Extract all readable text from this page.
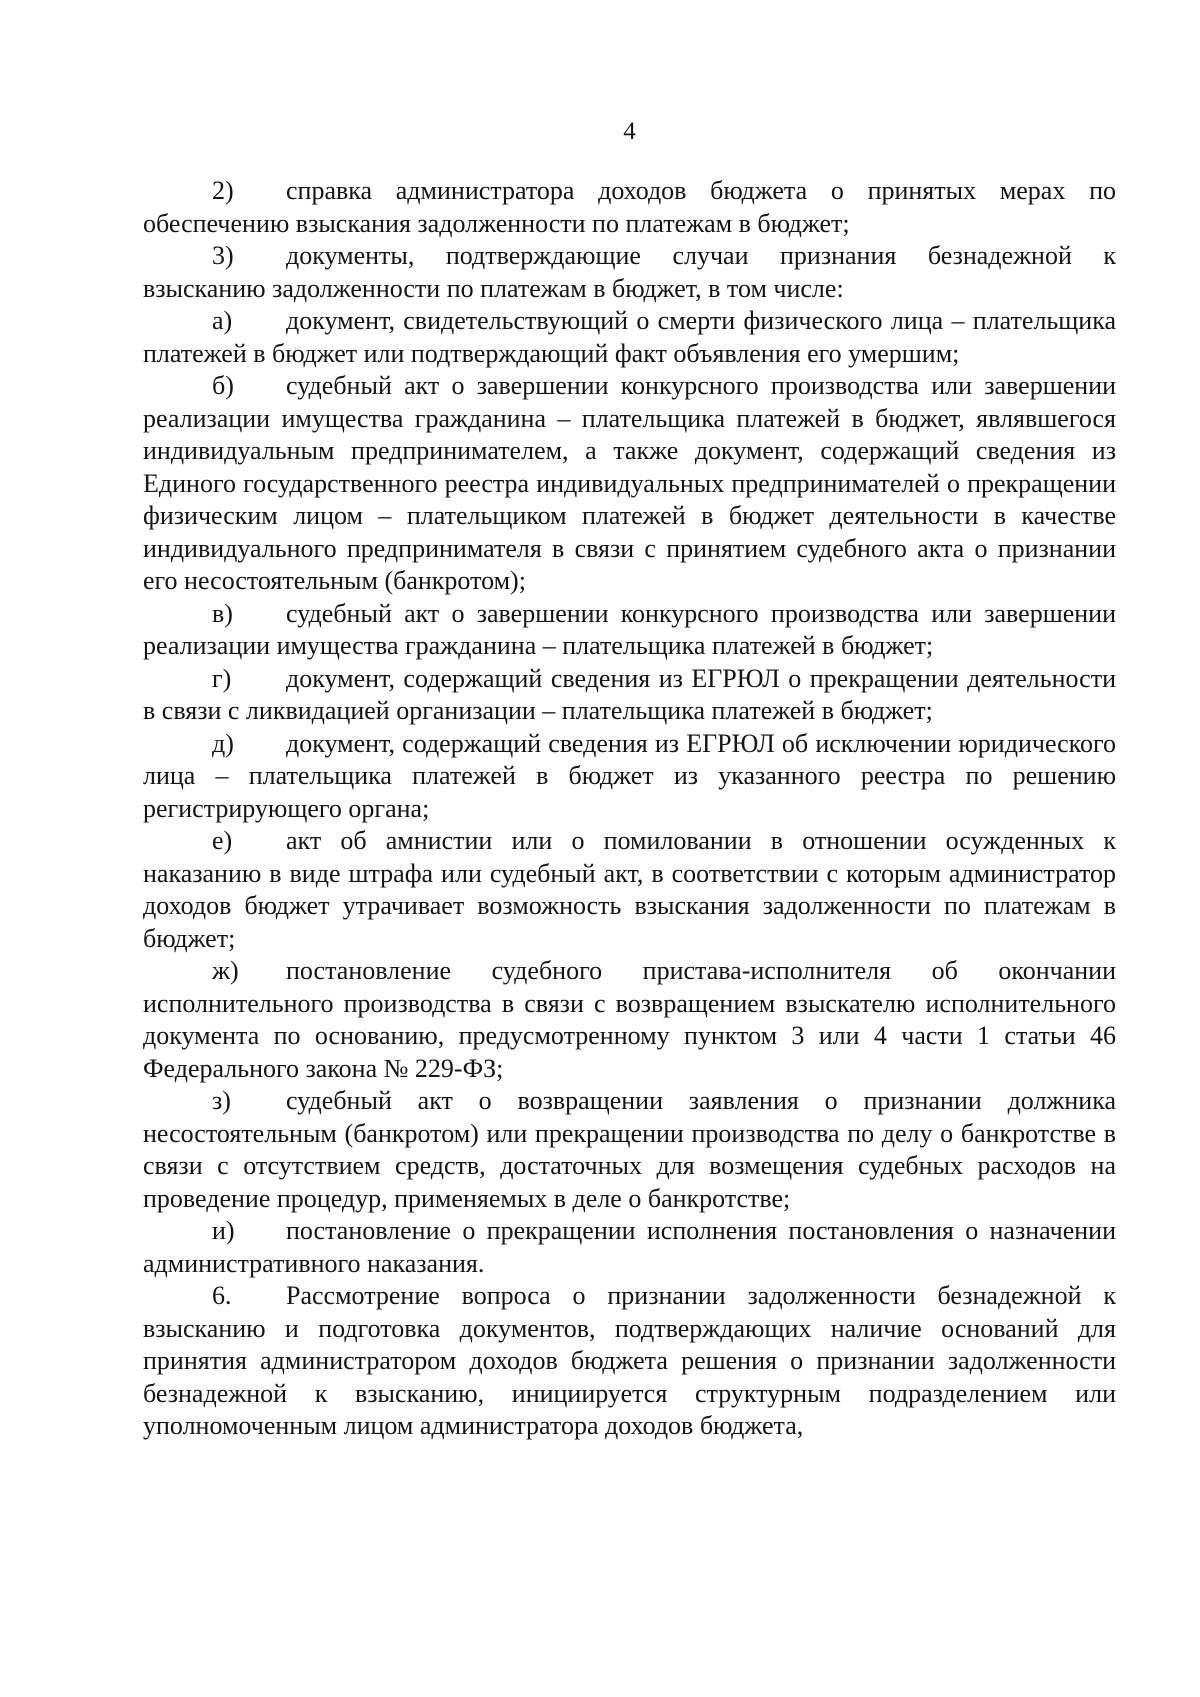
4

2) справка администратора доходов бюджета о принятых мерах по обеспечению взыскания задолженности по платежам в бюджет;

3) документы, подтверждающие случаи признания безнадежной к взысканию задолженности по платежам в бюджет, в том числе:

а) документ, свидетельствующий о смерти физического лица – плательщика платежей в бюджет или подтверждающий факт объявления его умершим;

б) судебный акт о завершении конкурсного производства или завершении реализации имущества гражданина – плательщика платежей в бюджет, являвшегося индивидуальным предпринимателем, а также документ, содержащий сведения из Единого государственного реестра индивидуальных предпринимателей о прекращении физическим лицом – плательщиком платежей в бюджет деятельности в качестве индивидуального предпринимателя в связи с принятием судебного акта о признании его несостоятельным (банкротом);

в) судебный акт о завершении конкурсного производства или завершении реализации имущества гражданина – плательщика платежей в бюджет;

г) документ, содержащий сведения из ЕГРЮЛ о прекращении деятельности в связи с ликвидацией организации – плательщика платежей в бюджет;

д) документ, содержащий сведения из ЕГРЮЛ об исключении юридического лица – плательщика платежей в бюджет из указанного реестра по решению регистрирующего органа;

е) акт об амнистии или о помиловании в отношении осужденных к наказанию в виде штрафа или судебный акт, в соответствии с которым администратор доходов бюджет утрачивает возможность взыскания задолженности по платежам в бюджет;

ж) постановление судебного пристава-исполнителя об окончании исполнительного производства в связи с возвращением взыскателю исполнительного документа по основанию, предусмотренному пунктом 3 или 4 части 1 статьи 46 Федерального закона № 229-ФЗ;

з) судебный акт о возвращении заявления о признании должника несостоятельным (банкротом) или прекращении производства по делу о банкротстве в связи с отсутствием средств, достаточных для возмещения судебных расходов на проведение процедур, применяемых в деле о банкротстве;

и) постановление о прекращении исполнения постановления о назначении административного наказания.

6. Рассмотрение вопроса о признании задолженности безнадежной к взысканию и подготовка документов, подтверждающих наличие оснований для принятия администратором доходов бюджета решения о признании задолженности безнадежной к взысканию, инициируется структурным подразделением или уполномоченным лицом администратора доходов бюджета,
